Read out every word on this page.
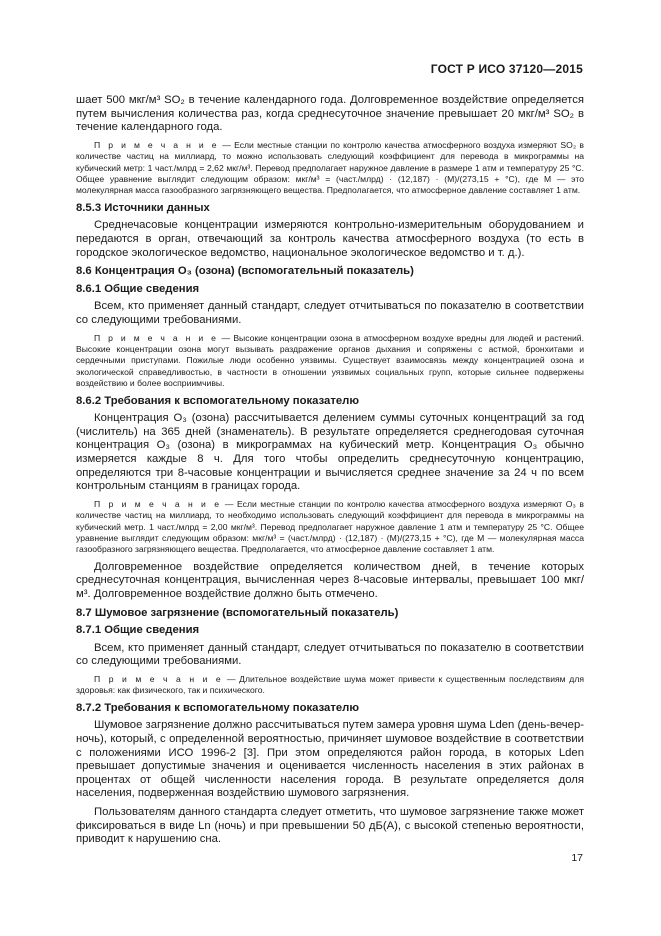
ГОСТ Р ИСО 37120—2015

шает 500 мкг/м³ SO₂ в течение календарного года. Долговременное воздействие определяется путем вычисления количества раз, когда среднесуточное значение превышает 20 мкг/м³ SO₂ в течение календарного года.

П р и м е ч а н и е — Если местные станции по контролю качества атмосферного воздуха измеряют SO₂ в количестве частиц на миллиард, то можно использовать следующий коэффициент для перевода в микрограммы на кубический метр: 1 част./млрд = 2,62 мкг/м³. Перевод предполагает наружное давление в размере 1 атм и температуру 25 °C. Общее уравнение выглядит следующим образом: мкг/м³ = (част./млрд) · (12,187) · (M)/(273,15 + °C), где M — это молекулярная масса газообразного загрязняющего вещества. Предполагается, что атмосферное давление составляет 1 атм.

8.5.3 Источники данных

Среднечасовые концентрации измеряются контрольно-измерительным оборудованием и передаются в орган, отвечающий за контроль качества атмосферного воздуха (то есть в городское экологическое ведомство, национальное экологическое ведомство и т. д.).

8.6 Концентрация O₃ (озона) (вспомогательный показатель)

8.6.1 Общие сведения

Всем, кто применяет данный стандарт, следует отчитываться по показателю в соответствии со следующими требованиями.

П р и м е ч а н и е — Высокие концентрации озона в атмосферном воздухе вредны для людей и растений. Высокие концентрации озона могут вызывать раздражение органов дыхания и сопряжены с астмой, бронхитами и сердечными приступами. Пожилые люди особенно уязвимы. Существует взаимосвязь между концентрацией озона и экологической справедливостью, в частности в отношении уязвимых социальных групп, которые сильнее подвержены воздействию и более восприимчивы.

8.6.2 Требования к вспомогательному показателю

Концентрация O₃ (озона) рассчитывается делением суммы суточных концентраций за год (числитель) на 365 дней (знаменатель). В результате определяется среднегодовая суточная концентрация O₃ (озона) в микрограммах на кубический метр. Концентрация O₃ обычно измеряется каждые 8 ч. Для того чтобы определить среднесуточную концентрацию, определяются три 8-часовые концентрации и вычисляется среднее значение за 24 ч по всем контрольным станциям в границах города.

П р и м е ч а н и е — Если местные станции по контролю качества атмосферного воздуха измеряют O₃ в количестве частиц на миллиард, то необходимо использовать следующий коэффициент для перевода в микрограммы на кубический метр. 1 част./млрд = 2,00 мкг/м³. Перевод предполагает наружное давление 1 атм и температуру 25 °C. Общее уравнение выглядит следующим образом: мкг/м³ = (част./млрд) · (12,187) · (M)/(273,15 + °C), где M — молекулярная масса газообразного загрязняющего вещества. Предполагается, что атмосферное давление составляет 1 атм.

Долговременное воздействие определяется количеством дней, в течение которых среднесуточная концентрация, вычисленная через 8-часовые интервалы, превышает 100 мкг/м³. Долговременное воздействие должно быть отмечено.

8.7 Шумовое загрязнение (вспомогательный показатель)

8.7.1 Общие сведения

Всем, кто применяет данный стандарт, следует отчитываться по показателю в соответствии со следующими требованиями.

П р и м е ч а н и е — Длительное воздействие шума может привести к существенным последствиям для здоровья: как физического, так и психического.

8.7.2 Требования к вспомогательному показателю

Шумовое загрязнение должно рассчитываться путем замера уровня шума Lden (день-вечер-ночь), который, с определенной вероятностью, причиняет шумовое воздействие в соответствии с положениями ИСО 1996-2 [3]. При этом определяются район города, в которых Lden превышает допустимые значения и оценивается численность населения в этих районах в процентах от общей численности населения города. В результате определяется доля населения, подверженная воздействию шумового загрязнения.

Пользователям данного стандарта следует отметить, что шумовое загрязнение также может фиксироваться в виде Ln (ночь) и при превышении 50 дБ(А), с высокой степенью вероятности, приводит к нарушению сна.

17
